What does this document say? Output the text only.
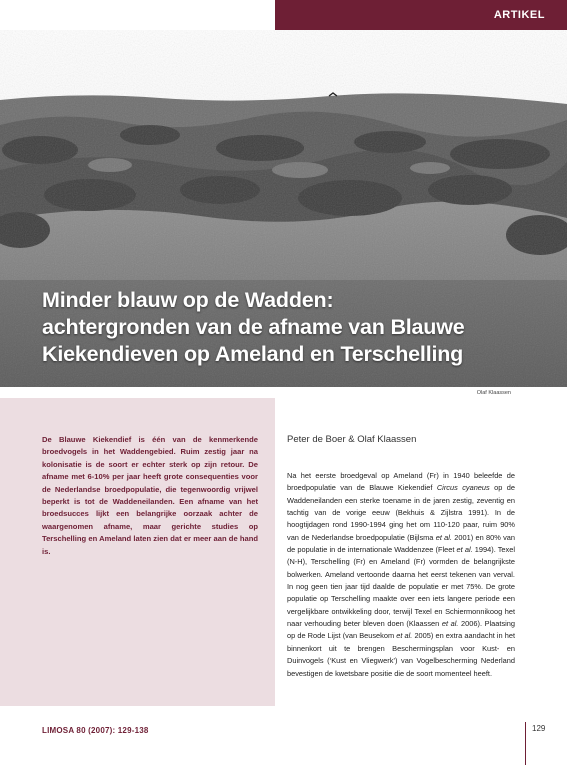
ARTIKEL
Minder blauw op de Wadden:
achtergronden van de afname van Blauwe
Kiekendieven op Ameland en Terschelling
Olaf Klaassen

De Blauwe Kiekendief is één van de kenmerkende broedvogels in het Waddengebied. Ruim zestig jaar na kolonisatie is de soort er echter sterk op zijn retour. De afname met 6-10% per jaar heeft grote consequenties voor de Nederlandse broedpopulatie, die tegenwoordig vrijwel beperkt is tot de Waddeneilanden. Een afname van het broedsucces lijkt een belangrijke oorzaak achter de waargenomen afname, maar gerichte studies op Terschelling en Ameland laten zien dat er meer aan de hand is.

Peter de Boer & Olaf Klaassen

Na het eerste broedgeval op Ameland (Fr) in 1940 beleefde de broedpopulatie van de Blauwe Kiekendief Circus cyaneus op de Waddeneilanden een sterke toename in de jaren zestig, zeventig en tachtig van de vorige eeuw (Bekhuis & Zijlstra 1991). In de hoogtijdagen rond 1990-1994 ging het om 110-120 paar, ruim 90% van de Nederlandse broedpopulatie (Bijlsma et al. 2001) en 80% van de populatie in de internationale Waddenzee (Fleet et al. 1994). Texel (N-H), Terschelling (Fr) en Ameland (Fr) vormden de belangrijkste bolwerken. Ameland vertoonde daarna het eerst tekenen van verval. In nog geen tien jaar tijd daalde de populatie er met 75%. De grote populatie op Terschelling maakte over een iets langere periode een vergelijkbare ontwikkeling door, terwijl Texel en Schiermonnikoog het naar verhouding beter bleven doen (Klaassen et al. 2006). Plaatsing op de Rode Lijst (van Beusekom et al. 2005) en extra aandacht in het binnenkort uit te brengen Beschermingsplan voor Kust- en Duinvogels (‘Kust en Vliegwerk’) van Vogelbescherming Nederland bevestigen de kwetsbare positie die de soort momenteel heeft.

LIMOSA 80 (2007): 129-138	129
